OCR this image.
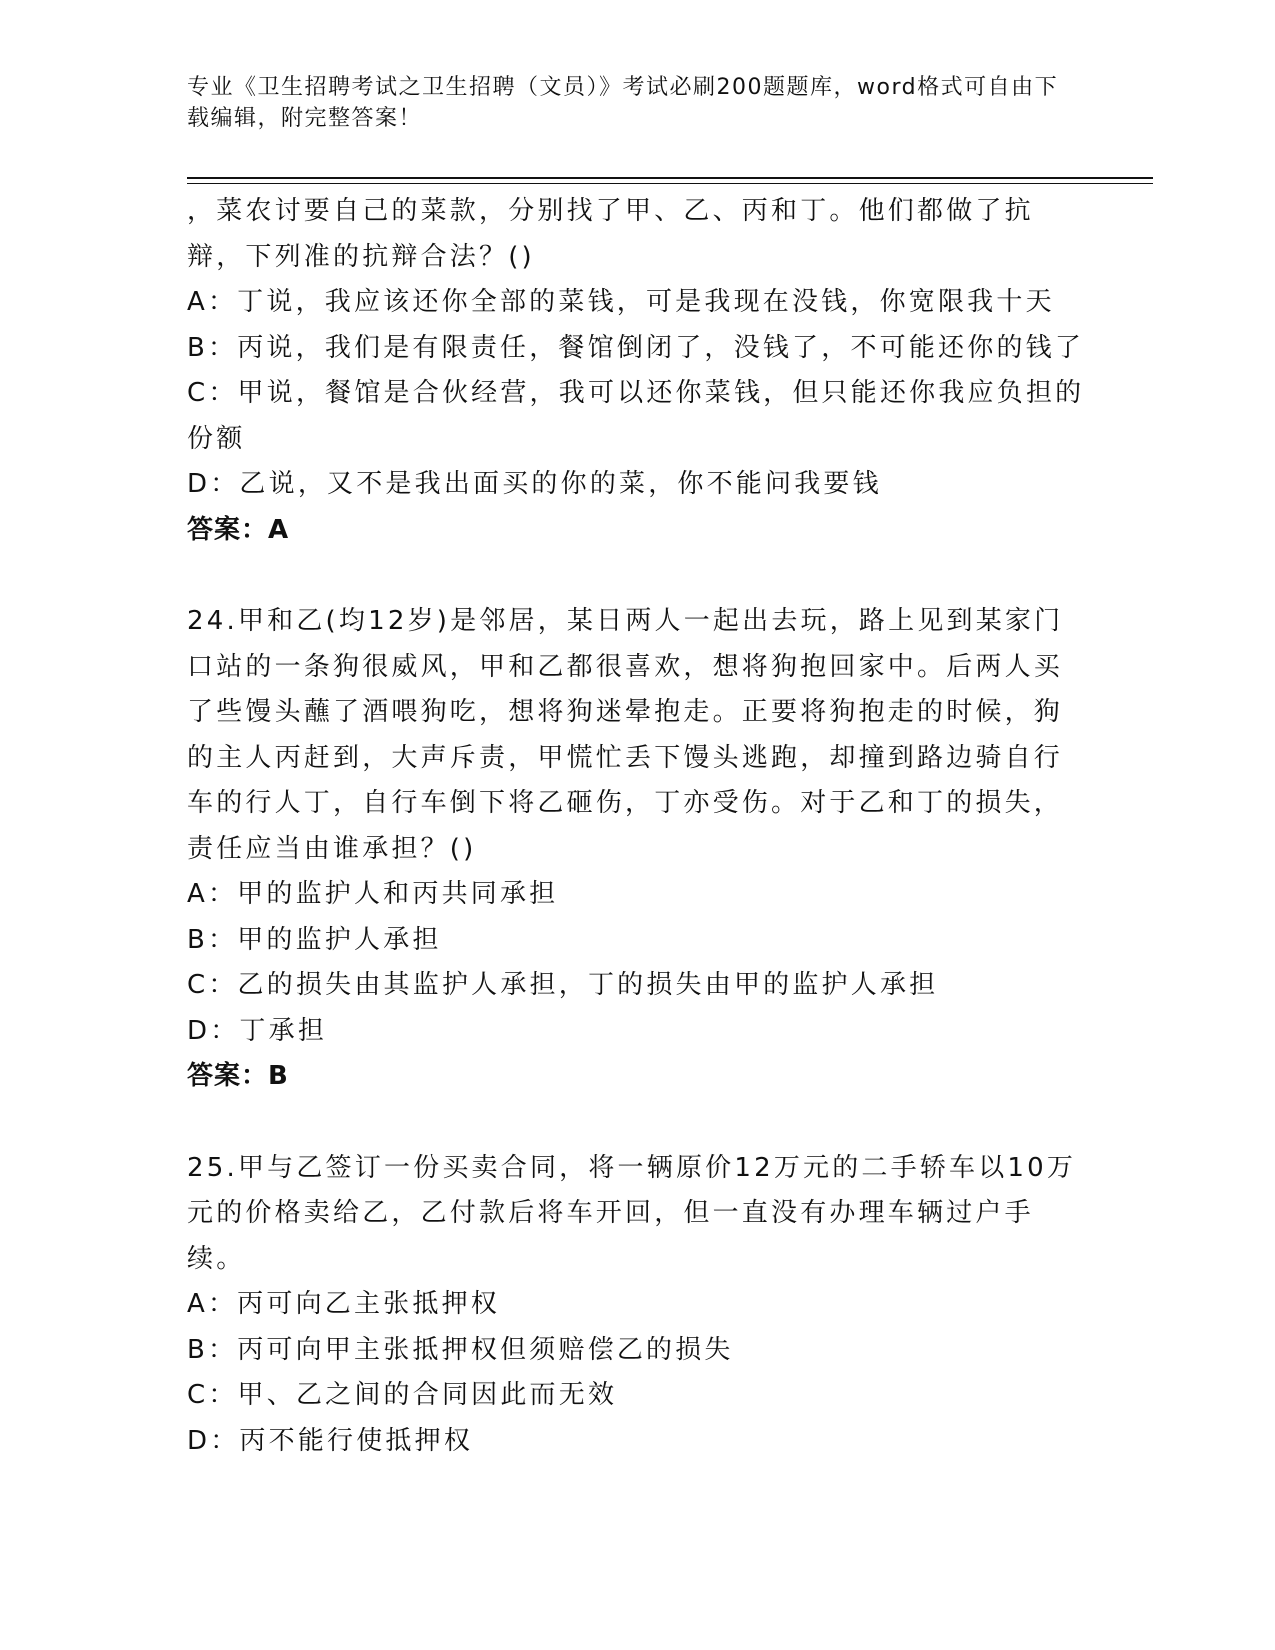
专业《卫生招聘考试之卫生招聘（文员）》考试必刷200题题库，word格式可自由下载编辑，附完整答案！

，菜农讨要自己的菜款，分别找了甲、乙、丙和丁。他们都做了抗辩，下列准的抗辩合法？()

A：丁说，我应该还你全部的菜钱，可是我现在没钱，你宽限我十天
B：丙说，我们是有限责任，餐馆倒闭了，没钱了，不可能还你的钱了
C：甲说，餐馆是合伙经营，我可以还你菜钱，但只能还你我应负担的份额
D：乙说，又不是我出面买的你的菜，你不能问我要钱

答案：A

24.甲和乙(均12岁)是邻居，某日两人一起出去玩，路上见到某家门口站的一条狗很威风，甲和乙都很喜欢，想将狗抱回家中。后两人买了些馒头蘸了酒喂狗吃，想将狗迷晕抱走。正要将狗抱走的时候，狗的主人丙赶到，大声斥责，甲慌忙丢下馒头逃跑，却撞到路边骑自行车的行人丁，自行车倒下将乙砸伤，丁亦受伤。对于乙和丁的损失，责任应当由谁承担？()

A：甲的监护人和丙共同承担
B：甲的监护人承担
C：乙的损失由其监护人承担，丁的损失由甲的监护人承担
D：丁承担

答案：B

25.甲与乙签订一份买卖合同，将一辆原价12万元的二手轿车以10万元的价格卖给乙，乙付款后将车开回，但一直没有办理车辆过户手续。

A：丙可向乙主张抵押权
B：丙可向甲主张抵押权但须赔偿乙的损失
C：甲、乙之间的合同因此而无效
D：丙不能行使抵押权
